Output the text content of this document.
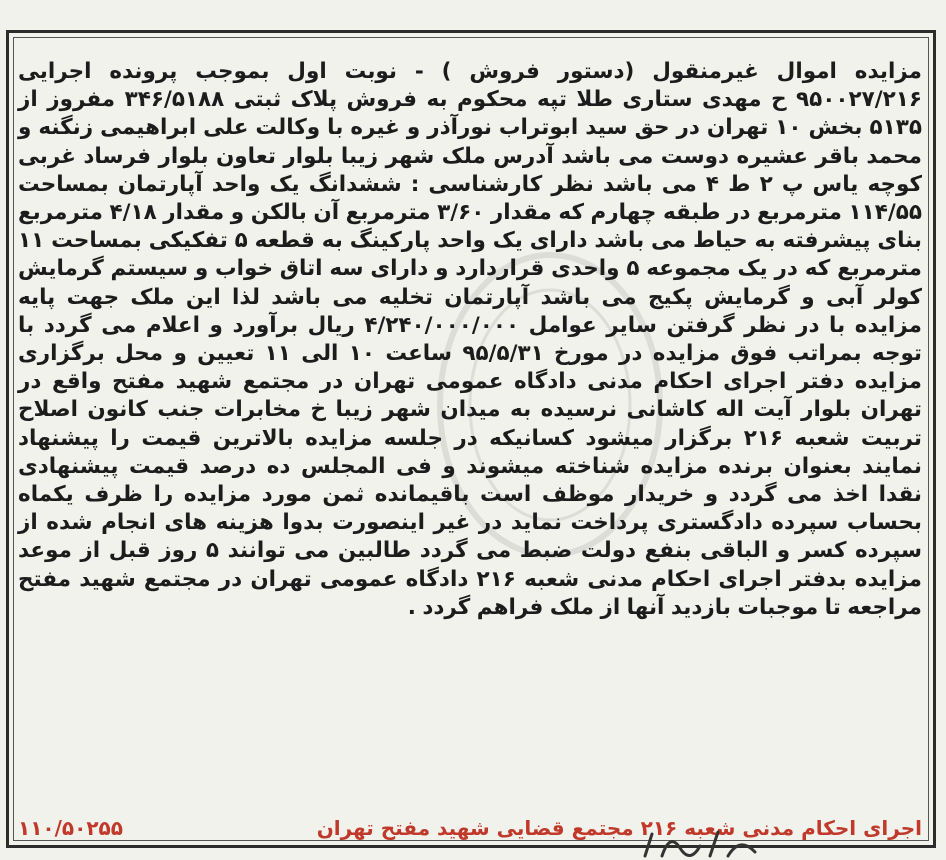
مزایده اموال غیرمنقول (دستور فروش ) - نوبت اول بموجب پرونده اجرایی ۹۵۰۰۲۷/۲۱۶ ح مهدی ستاری طلا تپه محکوم به فروش پلاک ثبتی ۳۴۶/۵۱۸۸ مفروز از ۵۱۳۵ بخش ۱۰ تهران در حق سید ابوتراب نورآذر و غیره با وکالت علی ابراهیمی زنگنه و محمد باقر عشیره دوست می باشد آدرس ملک شهر زیبا بلوار تعاون بلوار فرساد غربی کوچه یاس پ ۲ ط ۴ می باشد نظر کارشناسی : ششدانگ یک واحد آپارتمان بمساحت ۱۱۴/۵۵ مترمربع در طبقه چهارم که مقدار ۳/۶۰ مترمربع آن بالکن و مقدار ۴/۱۸ مترمربع بنای پیشرفته به حیاط می باشد دارای یک واحد پارکینگ به قطعه ۵ تفکیکی بمساحت ۱۱ مترمربع که در یک مجموعه ۵ واحدی قراردارد و دارای سه اتاق خواب و سیستم گرمایش کولر آبی و گرمایش پکیج می باشد آپارتمان تخلیه می باشد لذا این ملک جهت پایه مزایده با در نظر گرفتن سایر عوامل ۴/۲۴۰/۰۰۰/۰۰۰ ریال برآورد و اعلام می گردد با توجه بمراتب فوق مزایده در مورخ ۹۵/۵/۳۱ ساعت ۱۰ الی ۱۱ تعیین و محل برگزاری مزایده دفتر اجرای احکام مدنی دادگاه عمومی تهران در مجتمع شهید مفتح واقع در تهران بلوار آیت اله کاشانی نرسیده به میدان شهر زیبا خ مخابرات جنب کانون اصلاح تربیت شعبه ۲۱۶ برگزار میشود کسانیکه در جلسه مزایده بالاترین قیمت را پیشنهاد نمایند بعنوان برنده مزایده شناخته میشوند و فی المجلس ده درصد قیمت پیشنهادی نقدا اخذ می گردد و خریدار موظف است باقیمانده ثمن مورد مزایده را ظرف یکماه بحساب سپرده دادگستری پرداخت نماید در غیر اینصورت بدوا هزینه های انجام شده از سپرده کسر و الباقی بنفع دولت ضبط می گردد طالبین می توانند ۵ روز قبل از موعد مزایده بدفتر اجرای احکام مدنی شعبه ۲۱۶ دادگاه عمومی تهران در مجتمع شهید مفتح مراجعه تا موجبات بازدید آنها از ملک فراهم گردد .

اجرای احکام مدنی شعبه ۲۱۶ مجتمع قضایی شهید مفتح تهران
۱۱۰/۵۰۲۵۵
